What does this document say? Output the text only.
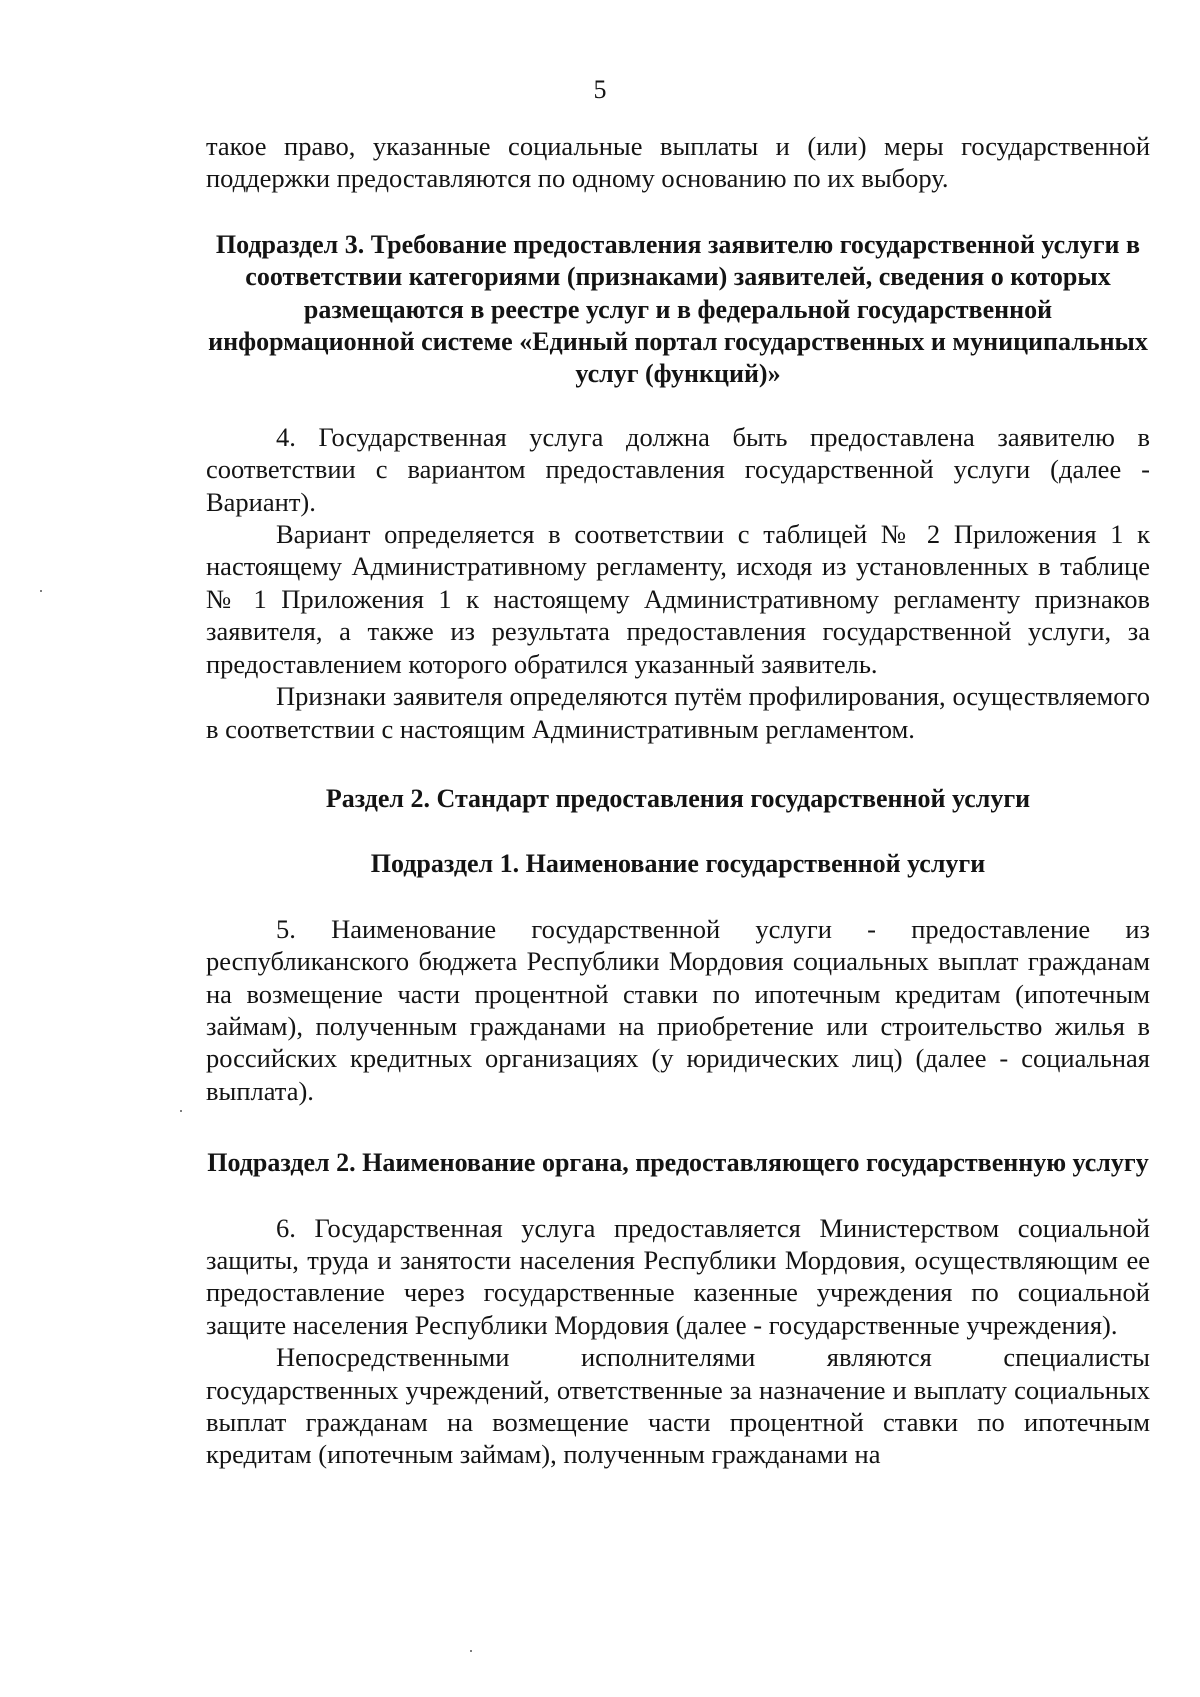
5

такое право, указанные социальные выплаты и (или) меры государственной поддержки предоставляются по одному основанию по их выбору.

Подраздел 3. Требование предоставления заявителю государственной услуги в соответствии категориями (признаками) заявителей, сведения о которых размещаются в реестре услуг и в федеральной государственной информационной системе «Единый портал государственных и муниципальных услуг (функций)»

4. Государственная услуга должна быть предоставлена заявителю в соответствии с вариантом предоставления государственной услуги (далее - Вариант).

Вариант определяется в соответствии с таблицей № 2 Приложения 1 к настоящему Административному регламенту, исходя из установленных в таблице № 1 Приложения 1 к настоящему Административному регламенту признаков заявителя, а также из результата предоставления государственной услуги, за предоставлением которого обратился указанный заявитель.

Признаки заявителя определяются путём профилирования, осуществляемого в соответствии с настоящим Административным регламентом.

Раздел 2. Стандарт предоставления государственной услуги

Подраздел 1. Наименование государственной услуги

5. Наименование государственной услуги - предоставление из республиканского бюджета Республики Мордовия социальных выплат гражданам на возмещение части процентной ставки по ипотечным кредитам (ипотечным займам), полученным гражданами на приобретение или строительство жилья в российских кредитных организациях (у юридических лиц) (далее - социальная выплата).

Подраздел 2. Наименование органа, предоставляющего государственную услугу

6. Государственная услуга предоставляется Министерством социальной защиты, труда и занятости населения Республики Мордовия, осуществляющим ее предоставление через государственные казенные учреждения по социальной защите населения Республики Мордовия (далее - государственные учреждения).

Непосредственными исполнителями являются специалисты государственных учреждений, ответственные за назначение и выплату социальных выплат гражданам на возмещение части процентной ставки по ипотечным кредитам (ипотечным займам), полученным гражданами на
